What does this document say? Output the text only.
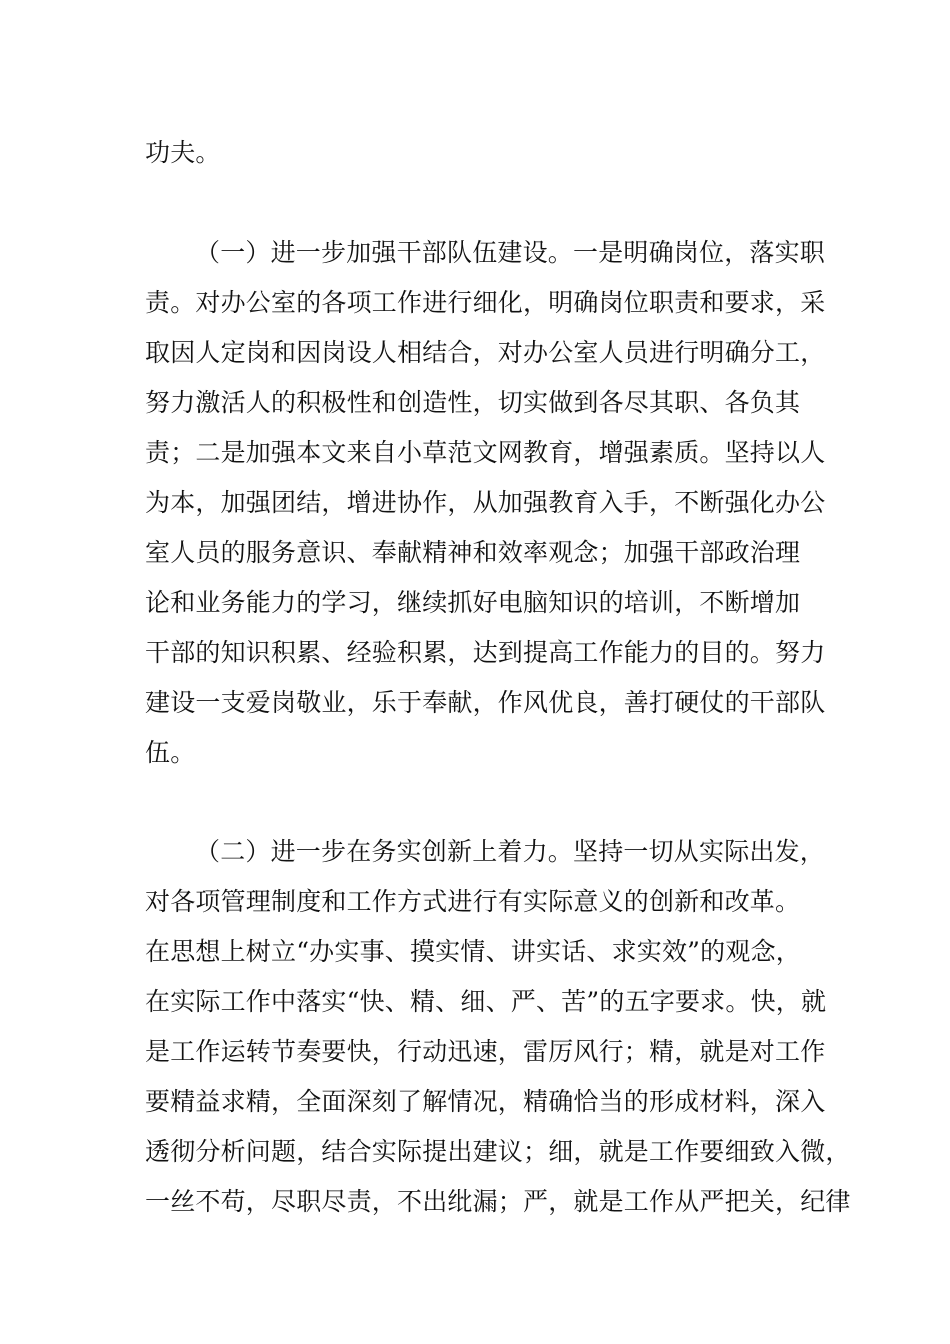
功夫。
（一）进一步加强干部队伍建设。一是明确岗位，落实职
责。对办公室的各项工作进行细化，明确岗位职责和要求，采
取因人定岗和因岗设人相结合，对办公室人员进行明确分工，
努力激活人的积极性和创造性，切实做到各尽其职、各负其
责；二是加强本文来自小草范文网教育，增强素质。坚持以人
为本，加强团结，增进协作，从加强教育入手，不断强化办公
室人员的服务意识、奉献精神和效率观念；加强干部政治理
论和业务能力的学习，继续抓好电脑知识的培训，不断增加
干部的知识积累、经验积累，达到提高工作能力的目的。努力
建设一支爱岗敬业，乐于奉献，作风优良，善打硬仗的干部队
伍。
（二）进一步在务实创新上着力。坚持一切从实际出发，
对各项管理制度和工作方式进行有实际意义的创新和改革。
在思想上树立“办实事、摸实情、讲实话、求实效”的观念，
在实际工作中落实“快、精、细、严、苦”的五字要求。快，就
是工作运转节奏要快，行动迅速，雷厉风行；精，就是对工作
要精益求精，全面深刻了解情况，精确恰当的形成材料，深入
透彻分析问题，结合实际提出建议；细，就是工作要细致入微，
一丝不苟，尽职尽责，不出纰漏；严，就是工作从严把关，纪律
